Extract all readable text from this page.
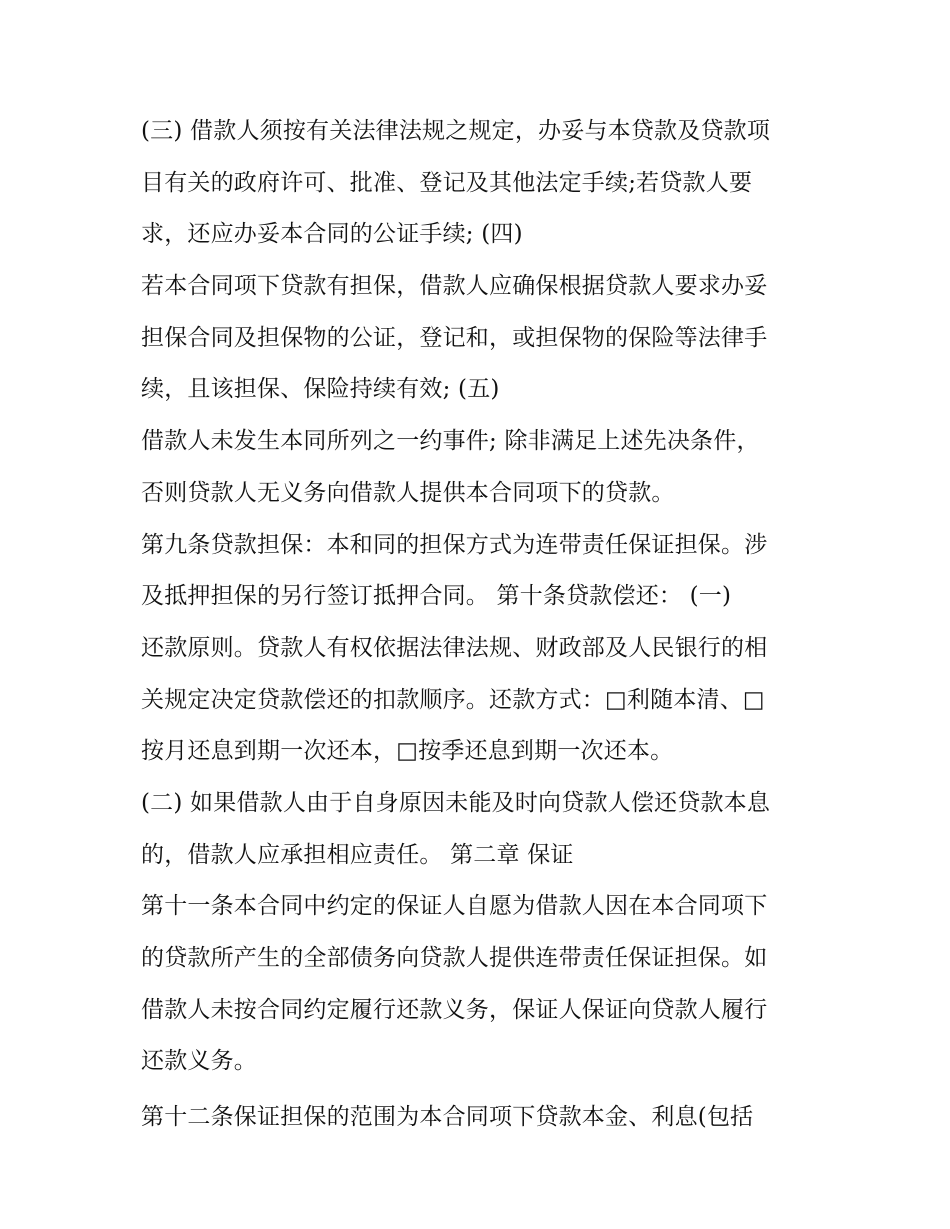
(三) 借款人须按有关法律法规之规定，办妥与本贷款及贷款项
目有关的政府许可、批准、登记及其他法定手续;若贷款人要
求，还应办妥本合同的公证手续; (四)
若本合同项下贷款有担保，借款人应确保根据贷款人要求办妥
担保合同及担保物的公证，登记和，或担保物的保险等法律手
续，且该担保、保险持续有效; (五)
借款人未发生本同所列之一约事件; 除非满足上述先决条件，
否则贷款人无义务向借款人提供本合同项下的贷款。
第九条贷款担保：本和同的担保方式为连带责任保证担保。涉
及抵押担保的另行签订抵押合同。 第十条贷款偿还： (一)
还款原则。贷款人有权依据法律法规、财政部及人民银行的相
关规定决定贷款偿还的扣款顺序。还款方式：□利随本清、□
按月还息到期一次还本，□按季还息到期一次还本。
(二) 如果借款人由于自身原因未能及时向贷款人偿还贷款本息
的，借款人应承担相应责任。 第二章 保证
第十一条本合同中约定的保证人自愿为借款人因在本合同项下
的贷款所产生的全部债务向贷款人提供连带责任保证担保。如
借款人未按合同约定履行还款义务，保证人保证向贷款人履行
还款义务。
第十二条保证担保的范围为本合同项下贷款本金、利息(包括
